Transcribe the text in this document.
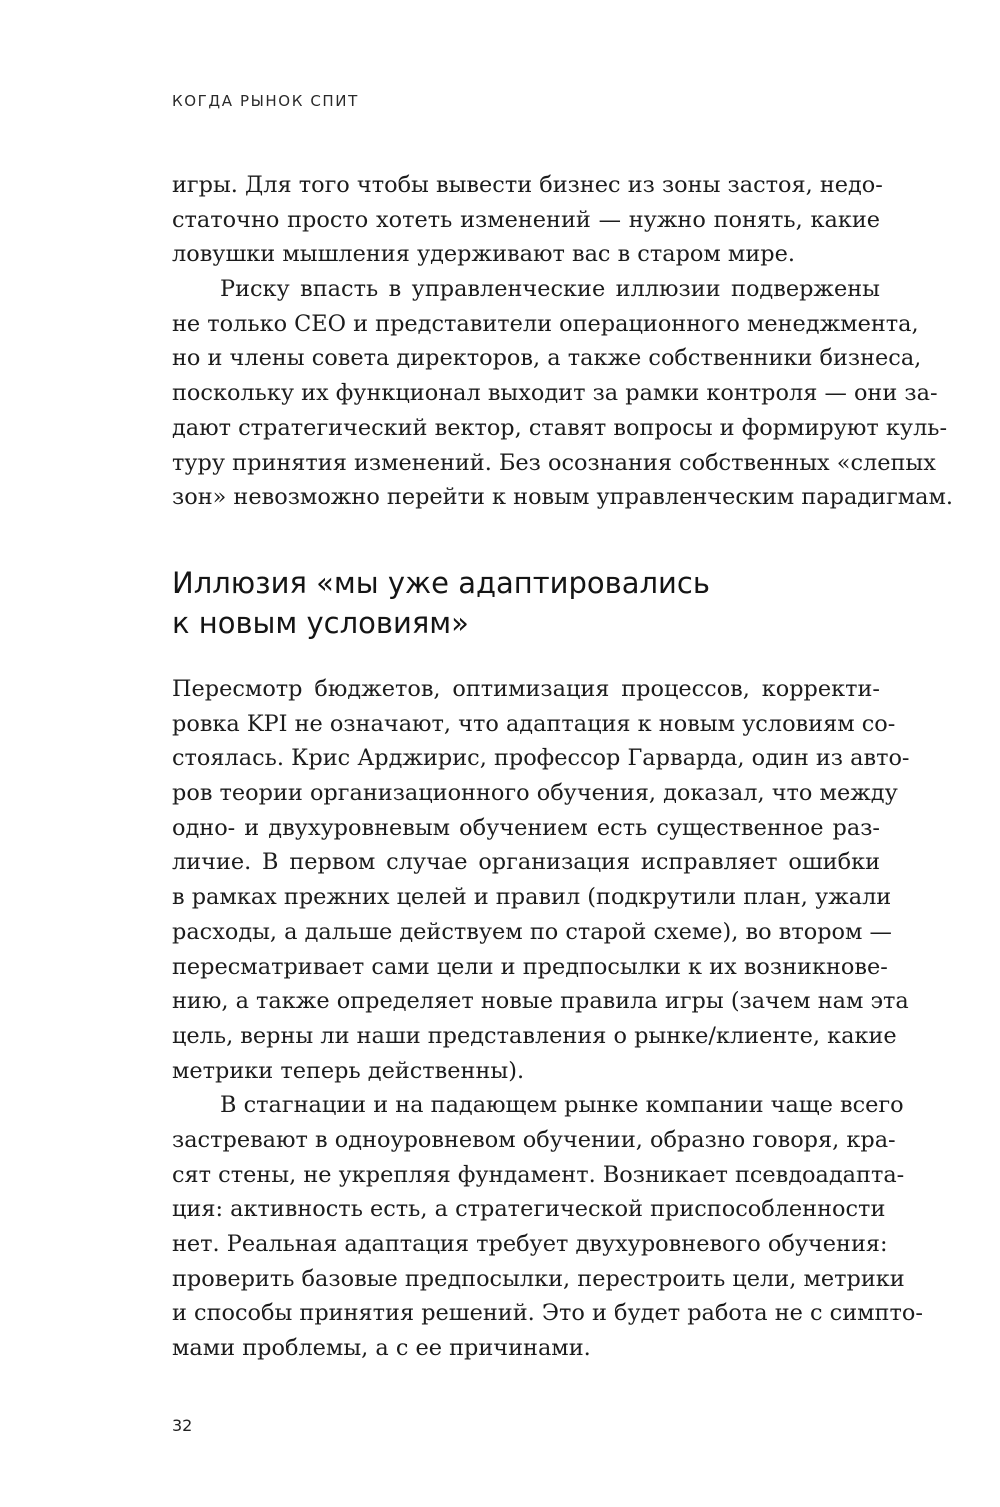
КОГДА РЫНОК СПИТ
игры. Для того чтобы вывести бизнес из зоны застоя, недо-
статочно просто хотеть изменений — нужно понять, какие
ловушки мышления удерживают вас в старом мире.
Риску впасть в управленческие иллюзии подвержены
не только CEO и представители операционного менеджмента,
но и члены совета директоров, а также собственники бизнеса,
поскольку их функционал выходит за рамки контроля — они за-
дают стратегический вектор, ставят вопросы и формируют куль-
туру принятия изменений. Без осознания собственных «слепых
зон» невозможно перейти к новым управленческим парадигмам.
Иллюзия «мы уже адаптировались
к новым условиям»
Пересмотр бюджетов, оптимизация процессов, корректи-
ровка KPI не означают, что адаптация к новым условиям со-
стоялась. Крис Арджирис, профессор Гарварда, один из авто-
ров теории организационного обучения, доказал, что между
одно- и двухуровневым обучением есть существенное раз-
личие. В первом случае организация исправляет ошибки
в рамках прежних целей и правил (подкрутили план, ужали
расходы, а дальше действуем по старой схеме), во втором —
пересматривает сами цели и предпосылки к их возникнове-
нию, а также определяет новые правила игры (зачем нам эта
цель, верны ли наши представления о рынке/клиенте, какие
метрики теперь действенны).
В стагнации и на падающем рынке компании чаще всего
застревают в одноуровневом обучении, образно говоря, кра-
сят стены, не укрепляя фундамент. Возникает псевдоадапта-
ция: активность есть, а стратегической приспособленности
нет. Реальная адаптация требует двухуровневого обучения:
проверить базовые предпосылки, перестроить цели, метрики
и способы принятия решений. Это и будет работа не с симпто-
мами проблемы, а с ее причинами.
32
